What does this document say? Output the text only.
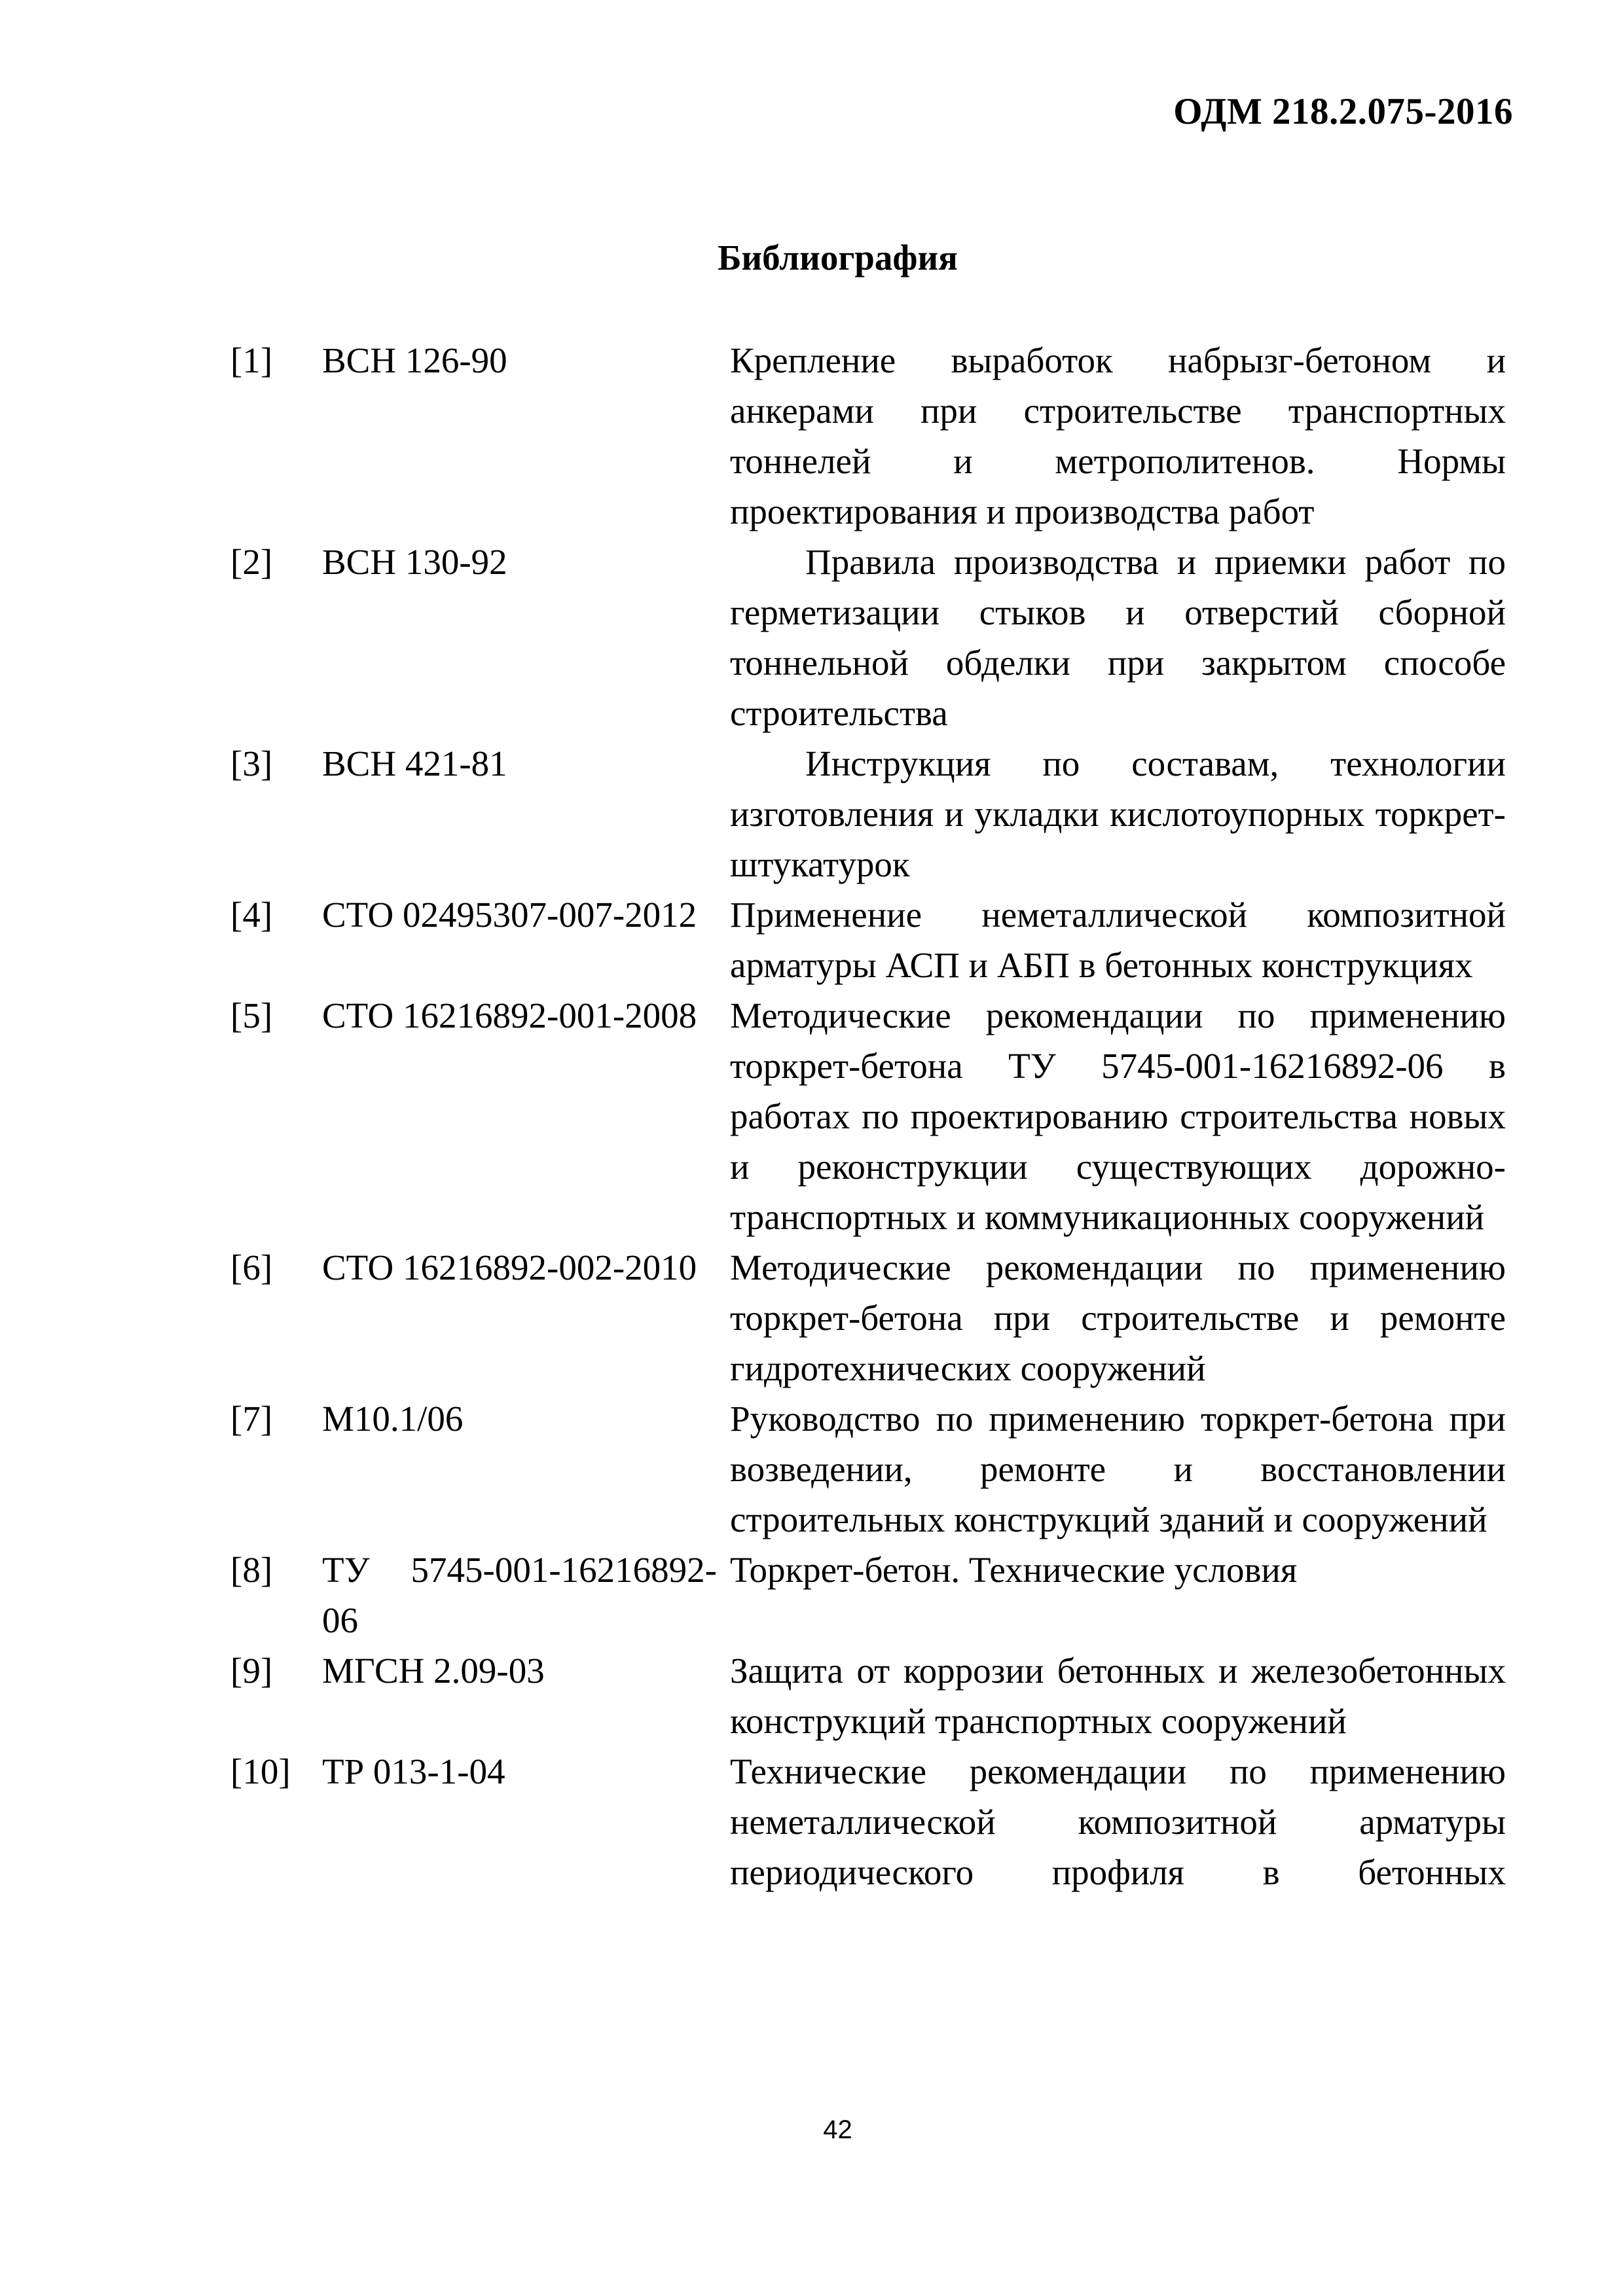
ОДМ 218.2.075-2016
Библиография
[1]	ВСН 126-90	Крепление выработок набрызг-бетоном и анкерами при строительстве транспортных тоннелей и метрополитенов. Нормы проектирования и производства работ
[2]	ВСН 130-92	Правила производства и приемки работ по герметизации стыков и отверстий сборной тоннельной обделки при закрытом способе строительства
[3]	ВСН 421-81	Инструкция по составам, технологии изготовления и укладки кислотоупорных торкрет-штукатурок
[4]	СТО 02495307-007-2012	Применение неметаллической композитной арматуры АСП и АБП в бетонных конструкциях
[5]	СТО 16216892-001-2008	Методические рекомендации по применению торкрет-бетона ТУ 5745-001-16216892-06 в работах по проектированию строительства новых и реконструкции существующих дорожно-транспортных и коммуникационных сооружений
[6]	СТО 16216892-002-2010	Методические рекомендации по применению торкрет-бетона при строительстве и ремонте гидротехнических сооружений
[7]	М10.1/06	Руководство по применению торкрет-бетона при возведении, ремонте и восстановлении строительных конструкций зданий и сооружений
[8]	ТУ 5745-001-16216892-06	Торкрет-бетон. Технические условия
[9]	МГСН 2.09-03	Защита от коррозии бетонных и железобетонных конструкций транспортных сооружений
[10]	ТР 013-1-04	Технические рекомендации по применению неметаллической композитной арматуры периодического профиля в бетонных
42
